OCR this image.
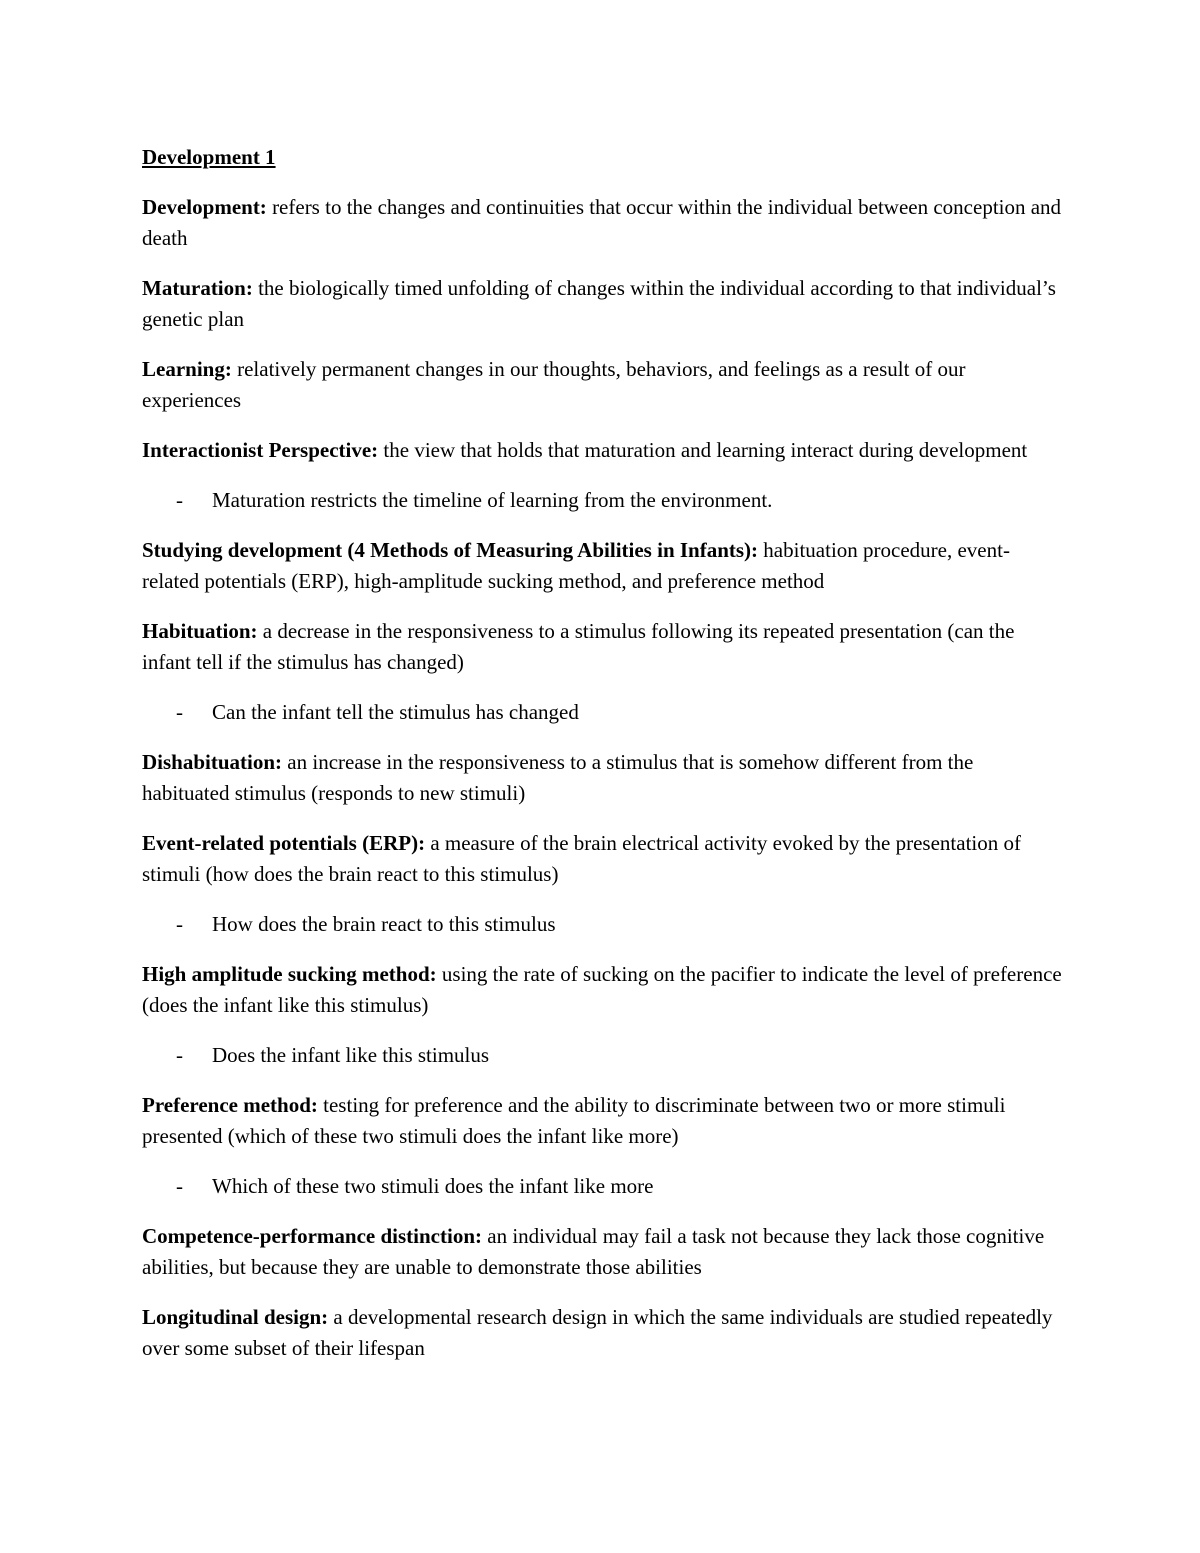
Development 1

Development: refers to the changes and continuities that occur within the individual between conception and death

Maturation: the biologically timed unfolding of changes within the individual according to that individual’s genetic plan

Learning: relatively permanent changes in our thoughts, behaviors, and feelings as a result of our experiences

Interactionist Perspective: the view that holds that maturation and learning interact during development

-	Maturation restricts the timeline of learning from the environment.

Studying development (4 Methods of Measuring Abilities in Infants): habituation procedure, event-related potentials (ERP), high-amplitude sucking method, and preference method

Habituation: a decrease in the responsiveness to a stimulus following its repeated presentation (can the infant tell if the stimulus has changed)

-	Can the infant tell the stimulus has changed

Dishabituation: an increase in the responsiveness to a stimulus that is somehow different from the habituated stimulus (responds to new stimuli)

Event-related potentials (ERP): a measure of the brain electrical activity evoked by the presentation of stimuli (how does the brain react to this stimulus)

-	How does the brain react to this stimulus

High amplitude sucking method: using the rate of sucking on the pacifier to indicate the level of preference (does the infant like this stimulus)

-	Does the infant like this stimulus

Preference method: testing for preference and the ability to discriminate between two or more stimuli presented (which of these two stimuli does the infant like more)

-	Which of these two stimuli does the infant like more

Competence-performance distinction: an individual may fail a task not because they lack those cognitive abilities, but because they are unable to demonstrate those abilities

Longitudinal design: a developmental research design in which the same individuals are studied repeatedly over some subset of their lifespan
